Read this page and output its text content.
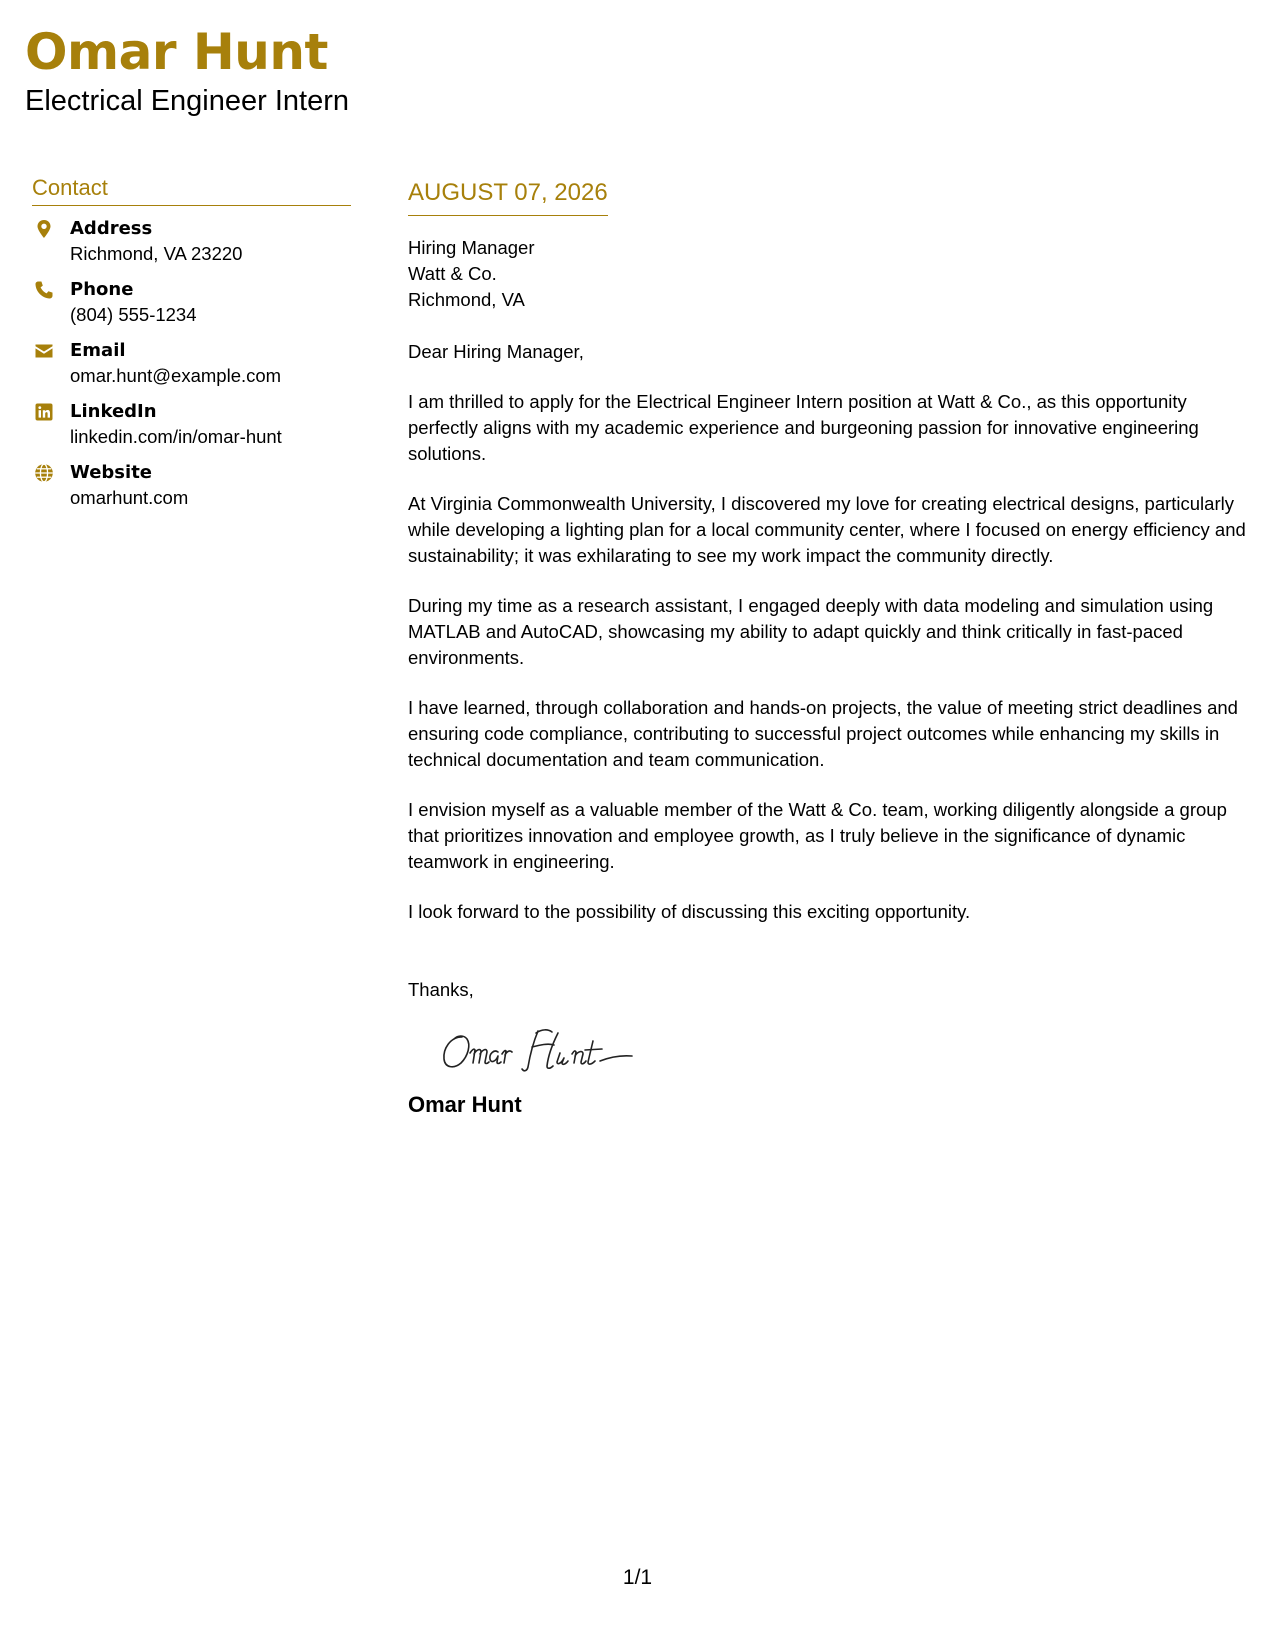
Omar Hunt
Electrical Engineer Intern
Contact
Address
Richmond, VA 23220
Phone
(804) 555-1234
Email
omar.hunt@example.com
LinkedIn
linkedin.com/in/omar-hunt
Website
omarhunt.com
AUGUST 07, 2026
Hiring Manager
Watt & Co.
Richmond, VA
Dear Hiring Manager,

I am thrilled to apply for the Electrical Engineer Intern position at Watt & Co., as this opportunity perfectly aligns with my academic experience and burgeoning passion for innovative engineering solutions.

At Virginia Commonwealth University, I discovered my love for creating electrical designs, particularly while developing a lighting plan for a local community center, where I focused on energy efficiency and sustainability; it was exhilarating to see my work impact the community directly.

During my time as a research assistant, I engaged deeply with data modeling and simulation using MATLAB and AutoCAD, showcasing my ability to adapt quickly and think critically in fast-paced environments.

I have learned, through collaboration and hands-on projects, the value of meeting strict deadlines and ensuring code compliance, contributing to successful project outcomes while enhancing my skills in technical documentation and team communication.

I envision myself as a valuable member of the Watt & Co. team, working diligently alongside a group that prioritizes innovation and employee growth, as I truly believe in the significance of dynamic teamwork in engineering.

I look forward to the possibility of discussing this exciting opportunity.

Thanks,
Omar Hunt
1/1
